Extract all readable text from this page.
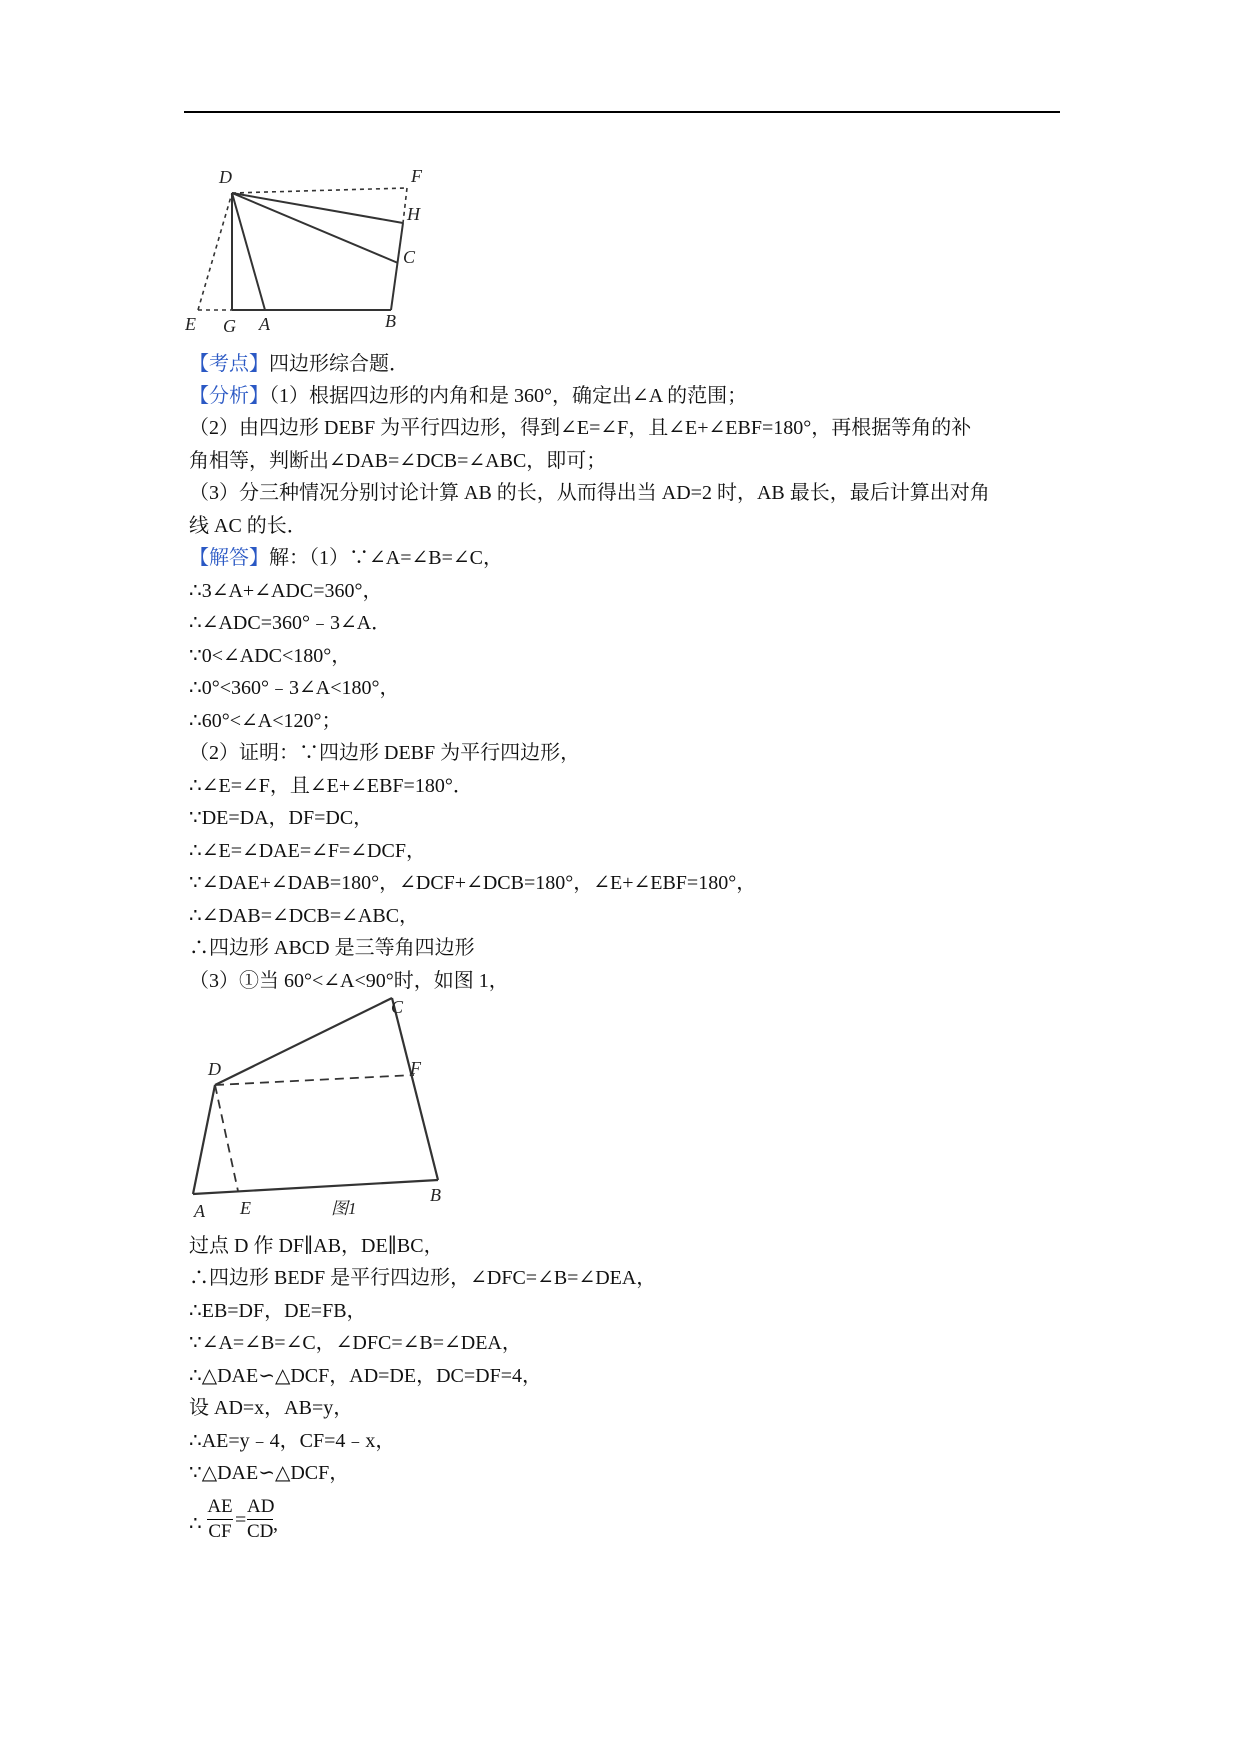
D	F
H
C
E G A	B
【考点】四边形综合题．
【分析】（1）根据四边形的内角和是 360°，确定出∠A 的范围；
（2）由四边形 DEBF 为平行四边形，得到∠E=∠F，且∠E+∠EBF=180°，再根据等角的补
角相等，判断出∠DAB=∠DCB=∠ABC，即可；
（3）分三种情况分别讨论计算 AB 的长，从而得出当 AD=2 时，AB 最长，最后计算出对角
线 AC 的长．
【解答】解：（1）∵∠A=∠B=∠C，
∴3∠A+∠ADC=360°，
∴∠ADC=360°﹣3∠A．
∵0<∠ADC<180°，
∴0°<360°﹣3∠A<180°，
∴60°<∠A<120°；
（2）证明：∵四边形 DEBF 为平行四边形，
∴∠E=∠F，且∠E+∠EBF=180°．
∵DE=DA，DF=DC，
∴∠E=∠DAE=∠F=∠DCF，
∵∠DAE+∠DAB=180°，∠DCF+∠DCB=180°，∠E+∠EBF=180°，
∴∠DAB=∠DCB=∠ABC，
∴四边形 ABCD 是三等角四边形
（3）①当 60°<∠A<90°时，如图 1，
C
D	F
A E
B
图1
过点 D 作 DF∥AB，DE∥BC，
∴四边形 BEDF 是平行四边形，∠DFC=∠B=∠DEA，
∴EB=DF，DE=FB，
∵∠A=∠B=∠C，∠DFC=∠B=∠DEA，
∴△DAE∽△DCF，AD=DE，DC=DF=4，
设 AD=x，AB=y，
∴AE=y﹣4，CF=4﹣x，
∵△DAE∽△DCF，
∴ $\frac{AE}{CF} = \frac{AD}{CD}$ ,
